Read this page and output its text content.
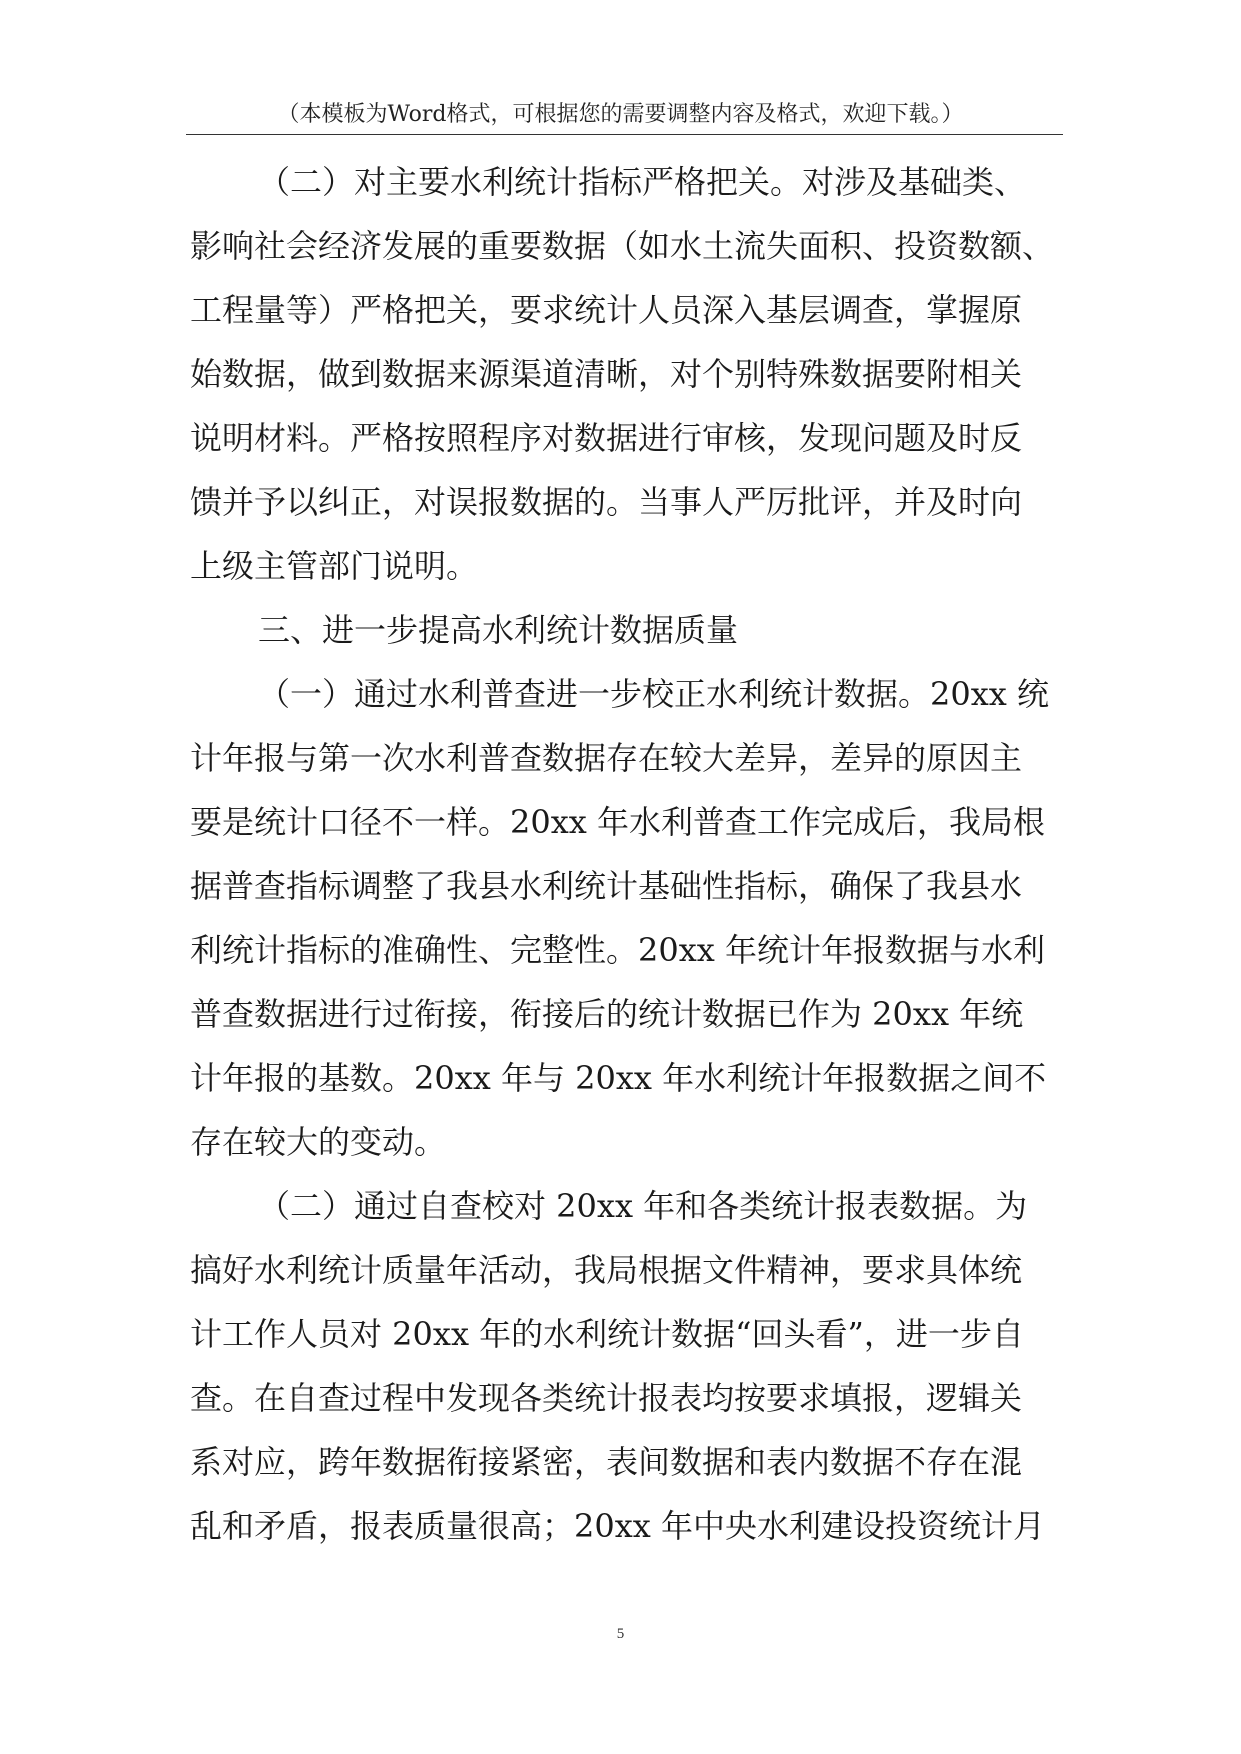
（本模板为Word格式，可根据您的需要调整内容及格式，欢迎下载。）
（二）对主要水利统计指标严格把关。对涉及基础类、
影响社会经济发展的重要数据（如水土流失面积、投资数额、
工程量等）严格把关，要求统计人员深入基层调查，掌握原
始数据，做到数据来源渠道清晰，对个别特殊数据要附相关
说明材料。严格按照程序对数据进行审核，发现问题及时反
馈并予以纠正，对误报数据的。当事人严厉批评，并及时向
上级主管部门说明。
三、进一步提高水利统计数据质量
（一）通过水利普查进一步校正水利统计数据。20xx 统
计年报与第一次水利普查数据存在较大差异，差异的原因主
要是统计口径不一样。20xx 年水利普查工作完成后，我局根
据普查指标调整了我县水利统计基础性指标，确保了我县水
利统计指标的准确性、完整性。20xx 年统计年报数据与水利
普查数据进行过衔接，衔接后的统计数据已作为 20xx 年统
计年报的基数。20xx 年与 20xx 年水利统计年报数据之间不
存在较大的变动。
（二）通过自查校对 20xx 年和各类统计报表数据。为
搞好水利统计质量年活动，我局根据文件精神，要求具体统
计工作人员对 20xx 年的水利统计数据“回头看”，进一步自
查。在自查过程中发现各类统计报表均按要求填报，逻辑关
系对应，跨年数据衔接紧密，表间数据和表内数据不存在混
乱和矛盾，报表质量很高；20xx 年中央水利建设投资统计月
5
